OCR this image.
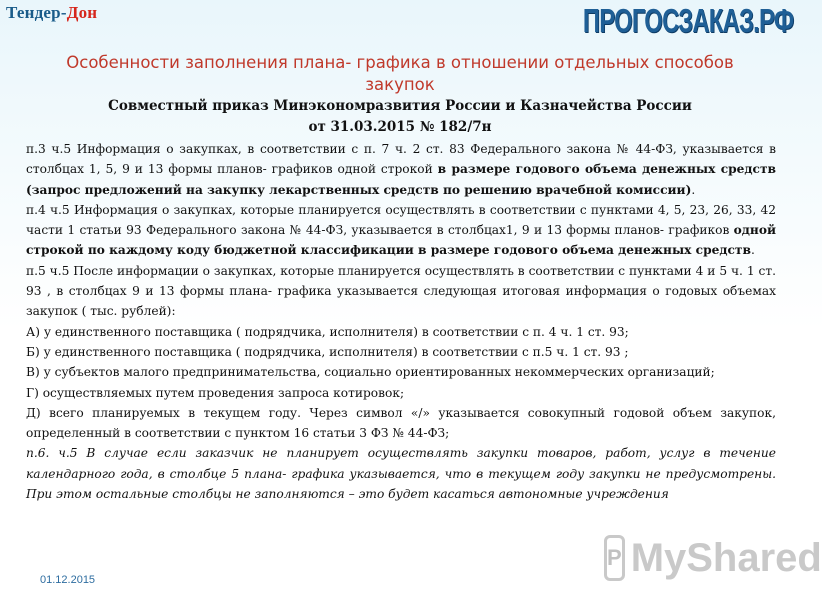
Тендер-Дон	ПРОГОСЗАКАЗ.РФ
Особенности заполнения плана- графика в отношении отдельных способов закупок
Совместный приказ Минэкономразвития России и Казначейства России
от 31.03.2015 № 182/7н

п.3 ч.5 Информация о закупках, в соответствии с п. 7 ч. 2 ст. 83 Федерального закона № 44-ФЗ, указывается в столбцах 1, 5, 9 и 13 формы планов- графиков одной строкой в размере годового объема денежных средств (запрос предложений на закупку лекарственных средств по решению врачебной комиссии).

п.4 ч.5 Информация о закупках, которые планируется осуществлять в соответствии с пунктами 4, 5, 23, 26, 33, 42 части 1 статьи 93 Федерального закона № 44-ФЗ, указывается в столбцах1, 9 и 13 формы планов- графиков одной строкой по каждому коду бюджетной классификации в размере годового объема денежных средств.

п.5 ч.5 После информации о закупках, которые планируется осуществлять в соответствии с пунктами 4 и 5 ч. 1 ст. 93 , в столбцах 9 и 13 формы плана- графика указывается следующая итоговая информация о годовых объемах закупок ( тыс. рублей):

А) у единственного поставщика ( подрядчика, исполнителя) в соответствии с п. 4 ч. 1 ст. 93;

Б) у единственного поставщика ( подрядчика, исполнителя) в соответствии с п.5 ч. 1 ст. 93 ;

В) у субъектов малого предпринимательства, социально ориентированных некоммерческих организаций;

Г) осуществляемых путем проведения запроса котировок;

Д) всего планируемых в текущем году. Через символ «/» указывается совокупный годовой объем закупок, определенный в соответствии с пунктом 16 статьи 3 ФЗ № 44-ФЗ;

п.6. ч.5 В случае если заказчик не планирует осуществлять закупки товаров, работ, услуг в течение календарного года, в столбце 5 плана- графика указывается, что в текущем году закупки не предусмотрены. При этом остальные столбцы не заполняются – это будет касаться автономные учреждения

01.12.2015
P MyShared
